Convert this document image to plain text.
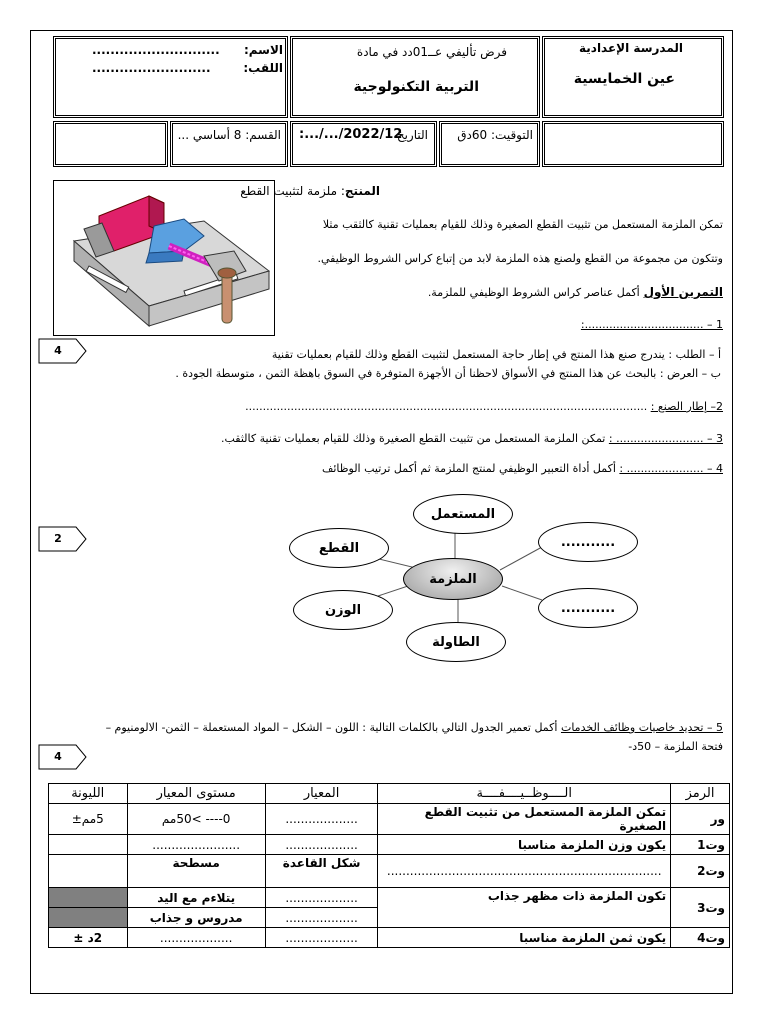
المدرسة الإعدادية
عين الخمايسية
فرض تأليفي عــ01دد في مادة
التربية التكنولوجية
الاسم:
............................
اللقب:
..........................
التوقيت: 60دق
التاريخ
:.../.../2022/12
القسم: 8 أساسي ...
المنتج: ملزمة لتثبيت القطع
تمكن الملزمة المستعمل من تثبيت القطع الصغيرة وذلك للقيام بعمليات تقنية كالثقب مثلا
وتتكون من مجموعة من القطع ولصنع هذه الملزمة لابد من إتباع كراس الشروط الوظيفي.
التمرين الأول أكمل عناصر كراس الشروط الوظيفي للملزمة.
1 – ..................................:
4	أ – الطلب : يندرج صنع هذا المنتج في إطار حاجة المستعمل لتثبيت القطع وذلك للقيام بعمليات تقنية
ب – العرض : بالبحث عن هذا المنتج في الأسواق لاحظنا أن الأجهزة المتوفرة في السوق باهظة الثمن ، متوسطة الجودة .
2– إطار الصنع : ...................................................................................................................
3 – ......................... : تمكن الملزمة المستعمل من تثبيت القطع الصغيرة وذلك للقيام بعمليات تقنية كالثقب.
4 – ...................... : أكمل أداة التعبير الوظيفي لمنتج الملزمة ثم أكمل ترتيب الوظائف
2
المستعمل
القطع	...........
الملزمة
الوزن	...........
الطاولة
5 – تحديد خاصيات وظائف الخدمات أكمل تعمير الجدول التالي بالكلمات التالية : اللون – الشكل – المواد المستعملة – الثمن- الالومنيوم –
فتحة الملزمة – 50د-
4
الرمز	الــــوظــيــــفــــة	المعيار	مستوى المعيار	الليونة
ور	تمكن الملزمة المستعمل من تثبيت القطع الصغيرة	...................	0---- >50مم	5مم±
وت1	يكون وزن الملزمة مناسبا	...................	.......................	
وت2	........................................................................	شكل القاعدة	مسطحة	
وت3	تكون الملزمة ذات مظهر جذاب	...................	يتلاءم مع اليد	
		...................	مدروس و جذاب	
وت4	يكون ثمن الملزمة مناسبا	...................	...................	2د ±
